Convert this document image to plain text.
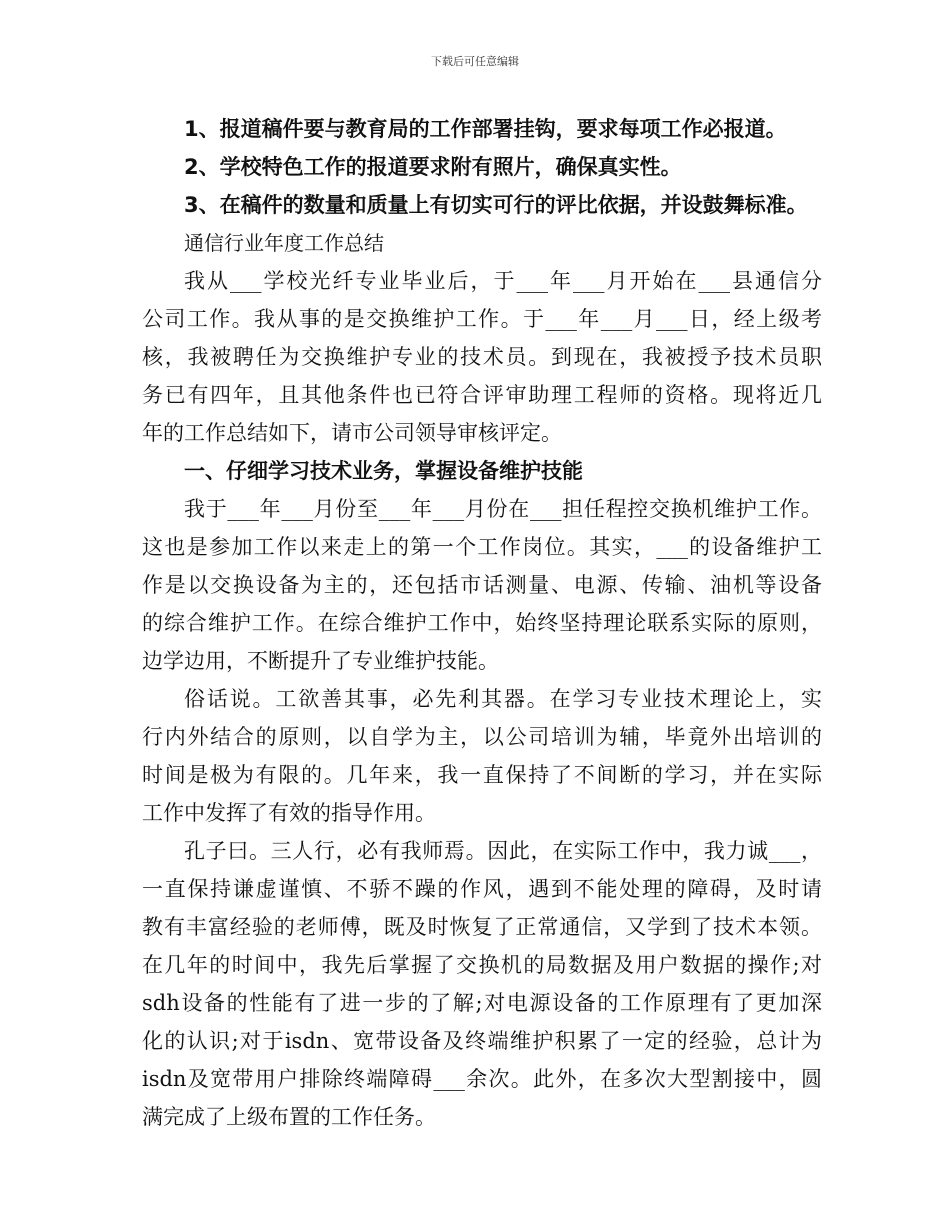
下载后可任意编辑
1、报道稿件要与教育局的工作部署挂钩，要求每项工作必报道。
2、学校特色工作的报道要求附有照片，确保真实性。
3、在稿件的数量和质量上有切实可行的评比依据，并设鼓舞标准。
通信行业年度工作总结
我从___学校光纤专业毕业后，于___年___月开始在___县通信分
公司工作。我从事的是交换维护工作。于___年___月___日，经上级考
核，我被聘任为交换维护专业的技术员。到现在，我被授予技术员职
务已有四年，且其他条件也已符合评审助理工程师的资格。现将近几
年的工作总结如下，请市公司领导审核评定。
一、仔细学习技术业务，掌握设备维护技能
我于___年___月份至___年___月份在___担任程控交换机维护工作。
这也是参加工作以来走上的第一个工作岗位。其实，___的设备维护工
作是以交换设备为主的，还包括市话测量、电源、传输、油机等设备
的综合维护工作。在综合维护工作中，始终坚持理论联系实际的原则，
边学边用，不断提升了专业维护技能。
俗话说。工欲善其事，必先利其器。在学习专业技术理论上，实
行内外结合的原则，以自学为主，以公司培训为辅，毕竟外出培训的
时间是极为有限的。几年来，我一直保持了不间断的学习，并在实际
工作中发挥了有效的指导作用。
孔子曰。三人行，必有我师焉。因此，在实际工作中，我力诚___，
一直保持谦虚谨慎、不骄不躁的作风，遇到不能处理的障碍，及时请
教有丰富经验的老师傅，既及时恢复了正常通信，又学到了技术本领。
在几年的时间中，我先后掌握了交换机的局数据及用户数据的操作;对
sdh设备的性能有了进一步的了解;对电源设备的工作原理有了更加深
化的认识;对于isdn、宽带设备及终端维护积累了一定的经验，总计为
isdn及宽带用户排除终端障碍___余次。此外，在多次大型割接中，圆
满完成了上级布置的工作任务。
